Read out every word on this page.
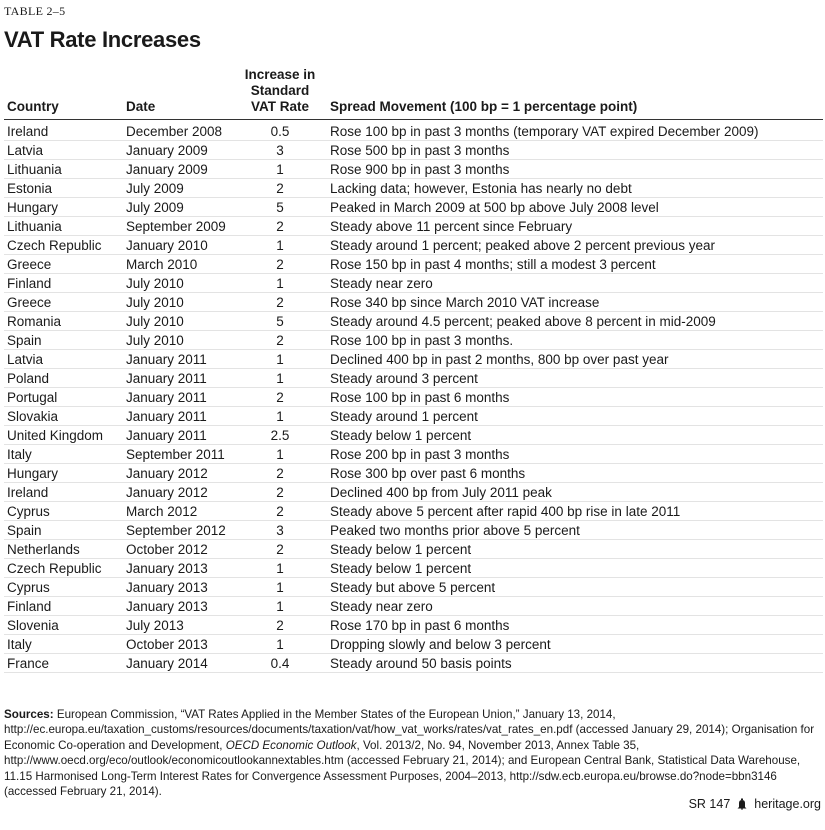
TABLE 2–5
VAT Rate Increases
Country	Date
Increase in
Standard
VAT Rate	Spread Movement (100 bp = 1 percentage point)
Ireland	December 2008	0.5	Rose 100 bp in past 3 months (temporary VAT expired December 2009)
Latvia	January 2009	3	Rose 500 bp in past 3 months
Lithuania	January 2009	1	Rose 900 bp in past 3 months
Estonia	July 2009	2	Lacking data; however, Estonia has nearly no debt
Hungary	July 2009	5	Peaked in March 2009 at 500 bp above July 2008 level
Lithuania	September 2009	2	Steady above 11 percent since February
Czech Republic January 2010	1	Steady around 1 percent; peaked above 2 percent previous year
Greece	March 2010	2	Rose 150 bp in past 4 months; still a modest 3 percent
Finland	July 2010	1	Steady near zero
Greece	July 2010	2	Rose 340 bp since March 2010 VAT increase
Romania	July 2010	5	Steady around 4.5 percent; peaked above 8 percent in mid-2009
Spain	July 2010	2	Rose 100 bp in past 3 months.
Latvia	January 2011	1	Declined 400 bp in past 2 months, 800 bp over past year
Poland	January 2011	1	Steady around 3 percent
Portugal	January 2011	2	Rose 100 bp in past 6 months
Slovakia	January 2011	1	Steady around 1 percent
United Kingdom January 2011	2.5	Steady below 1 percent
Italy	September 2011	1	Rose 200 bp in past 3 months
Hungary	January 2012	2	Rose 300 bp over past 6 months
Ireland	January 2012	2	Declined 400 bp from July 2011 peak
Cyprus	March 2012	2	Steady above 5 percent after rapid 400 bp rise in late 2011
Spain	September 2012	3	Peaked two months prior above 5 percent
Netherlands	October 2012	2	Steady below 1 percent
Czech Republic January 2013	1	Steady below 1 percent
Cyprus	January 2013	1	Steady but above 5 percent
Finland	January 2013	1	Steady near zero
Slovenia	July 2013	2	Rose 170 bp in past 6 months
Italy	October 2013	1	Dropping slowly and below 3 percent
France	January 2014	0.4	Steady around 50 basis points
Sources: European Commission, “VAT Rates Applied in the Member States of the European Union,” January 13, 2014, http://ec.europa.eu/taxation_customs/resources/documents/taxation/vat/how_vat_works/rates/vat_rates_en.pdf (accessed January 29, 2014); Organisation for Economic Co-operation and Development, OECD Economic Outlook, Vol. 2013/2, No. 94, November 2013, Annex Table 35, http://www.oecd.org/eco/outlook/economicoutlookannextables.htm (accessed February 21, 2014); and European Central Bank, Statistical Data Warehouse, 11.15 Harmonised Long-Term Interest Rates for Convergence Assessment Purposes, 2004–2013, http://sdw.ecb.europa.eu/browse.do?node=bbn3146 (accessed February 21, 2014).
SR 147 heritage.org
